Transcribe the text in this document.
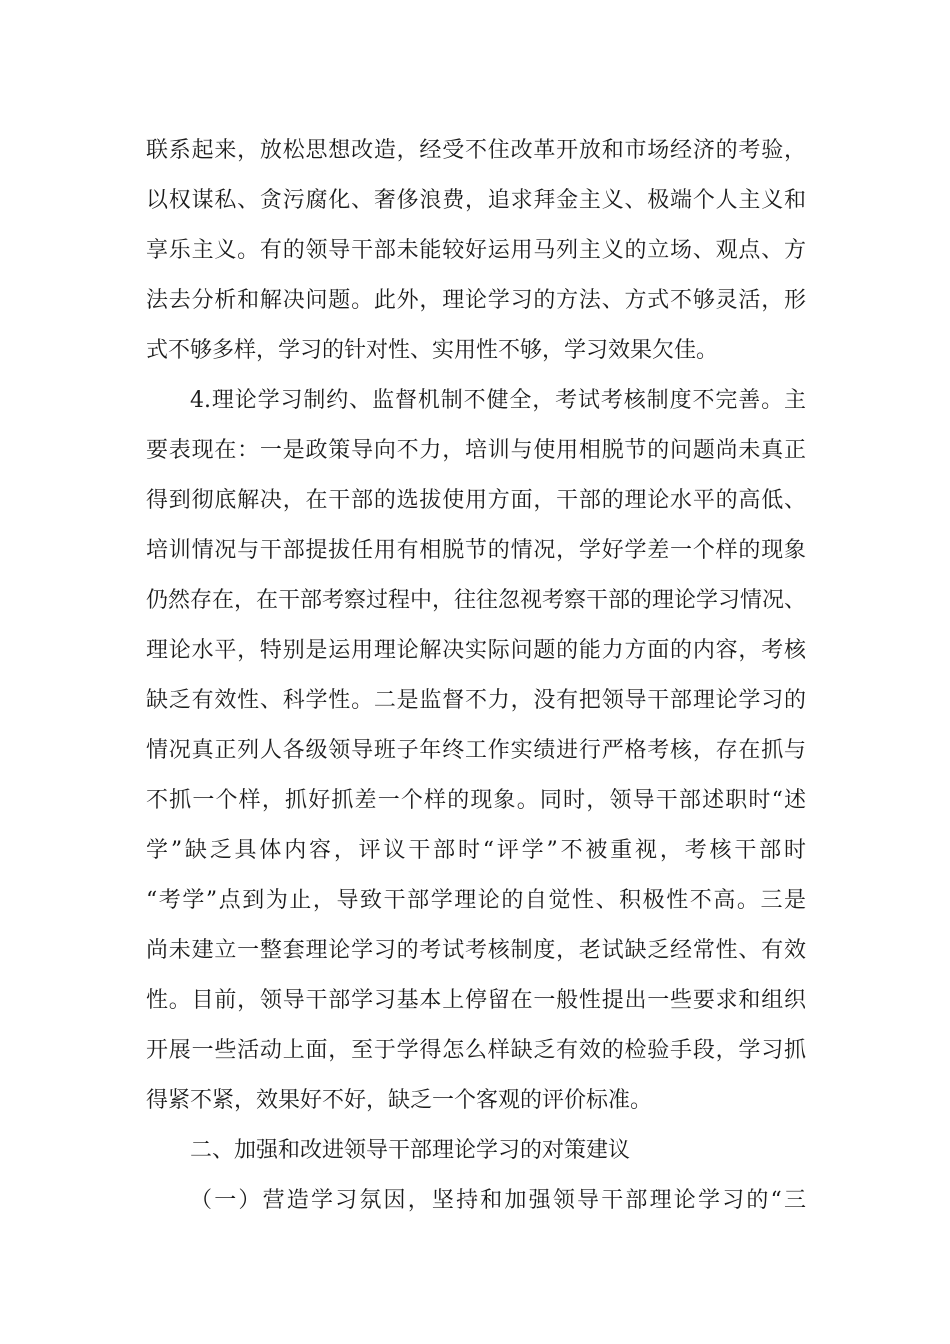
联系起来，放松思想改造，经受不住改革开放和市场经济的考验，
以权谋私、贪污腐化、奢侈浪费，追求拜金主义、极端个人主义和
享乐主义。有的领导干部未能较好运用马列主义的立场、观点、方
法去分析和解决问题。此外，理论学习的方法、方式不够灵活，形
式不够多样，学习的针对性、实用性不够，学习效果欠佳。
4.理论学习制约、监督机制不健全，考试考核制度不完善。主
要表现在：一是政策导向不力，培训与使用相脱节的问题尚未真正
得到彻底解决，在干部的选拔使用方面，干部的理论水平的高低、
培训情况与干部提拔任用有相脱节的情况，学好学差一个样的现象
仍然存在，在干部考察过程中，往往忽视考察干部的理论学习情况、
理论水平，特别是运用理论解决实际问题的能力方面的内容，考核
缺乏有效性、科学性。二是监督不力，没有把领导干部理论学习的
情况真正列人各级领导班子年终工作实绩进行严格考核，存在抓与
不抓一个样，抓好抓差一个样的现象。同时，领导干部述职时“述
学”缺乏具体内容，评议干部时“评学”不被重视，考核干部时
“考学”点到为止，导致干部学理论的自觉性、积极性不高。三是
尚未建立一整套理论学习的考试考核制度，老试缺乏经常性、有效
性。目前，领导干部学习基本上停留在一般性提出一些要求和组织
开展一些活动上面，至于学得怎么样缺乏有效的检验手段，学习抓
得紧不紧，效果好不好，缺乏一个客观的评价标准。
二、加强和改进领导干部理论学习的对策建议
（一）营造学习氛因，坚持和加强领导干部理论学习的“三
